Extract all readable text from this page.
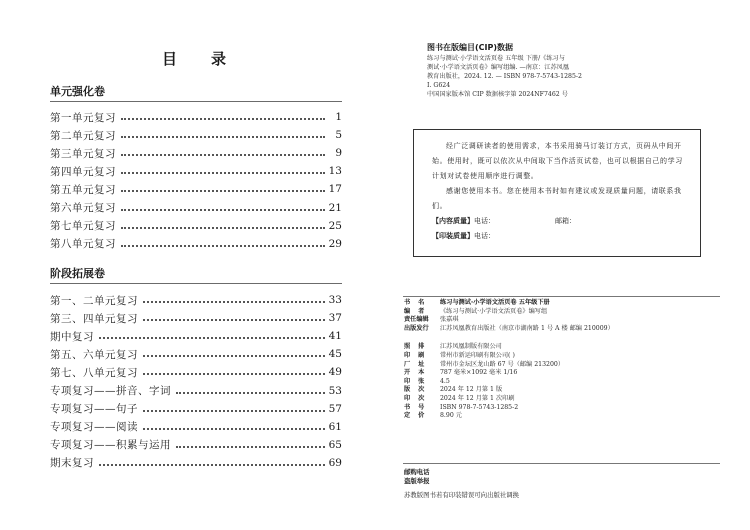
目录
单元强化卷
第一单元复习	1
第二单元复习	5
第三单元复习	9
第四单元复习	13
第五单元复习	17
第六单元复习	21
第七单元复习	25
第八单元复习	29
阶段拓展卷
第一、二单元复习	33
第三、四单元复习	37
期中复习	41
第五、六单元复习	45
第七、八单元复习	49
专项复习——拼音、字词	53
专项复习——句子	57
专项复习——阅读	61
专项复习——积累与运用	65
期末复习	69
图书在版编目(CIP)数据
练习与测试·小学语文活页卷 五年级 下册/《练习与
测试·小学语文活页卷》编写组编. —南京：江苏凤凰
教育出版社，2024. 12. — ISBN 978-7-5743-1285-2
Ⅰ. G624
中国国家版本馆 CIP 数据核字第 2024NF7462 号

经广泛调研读者的使用需求，本书采用骑马订装订方式，页码从中间开始。使用时，既可以依次从中间取下当作活页试卷，也可以根据自己的学习计划对试卷使用顺序进行调整。

感谢您使用本书。您在使用本书时如有建议或发现质量问题，请联系我们。

【内容质量】电话：	邮箱：
【印装质量】电话：
书名	练习与测试·小学语文活页卷 五年级下册
编者	《练习与测试·小学语文活页卷》编写组
责任编辑	张嘉琪
出版发行	江苏凤凰教育出版社（南京市湖南路 1 号 A 楼 邮编 210009）
照排	江苏凤凰制版有限公司
印刷	常州市新运印刷有限公司( )
厂址	常州市金坛区龙山路 67 号（邮编 213200）
开本	787 毫米×1092 毫米 1/16
印张	4.5
版次	2024 年 12 月第 1 版
印次	2024 年 12 月第 1 次印刷
书号	ISBN 978-7-5743-1285-2
定价	8.90 元
邮购电话
盗版举报
苏教版图书若有印装错误可向出版社调换
